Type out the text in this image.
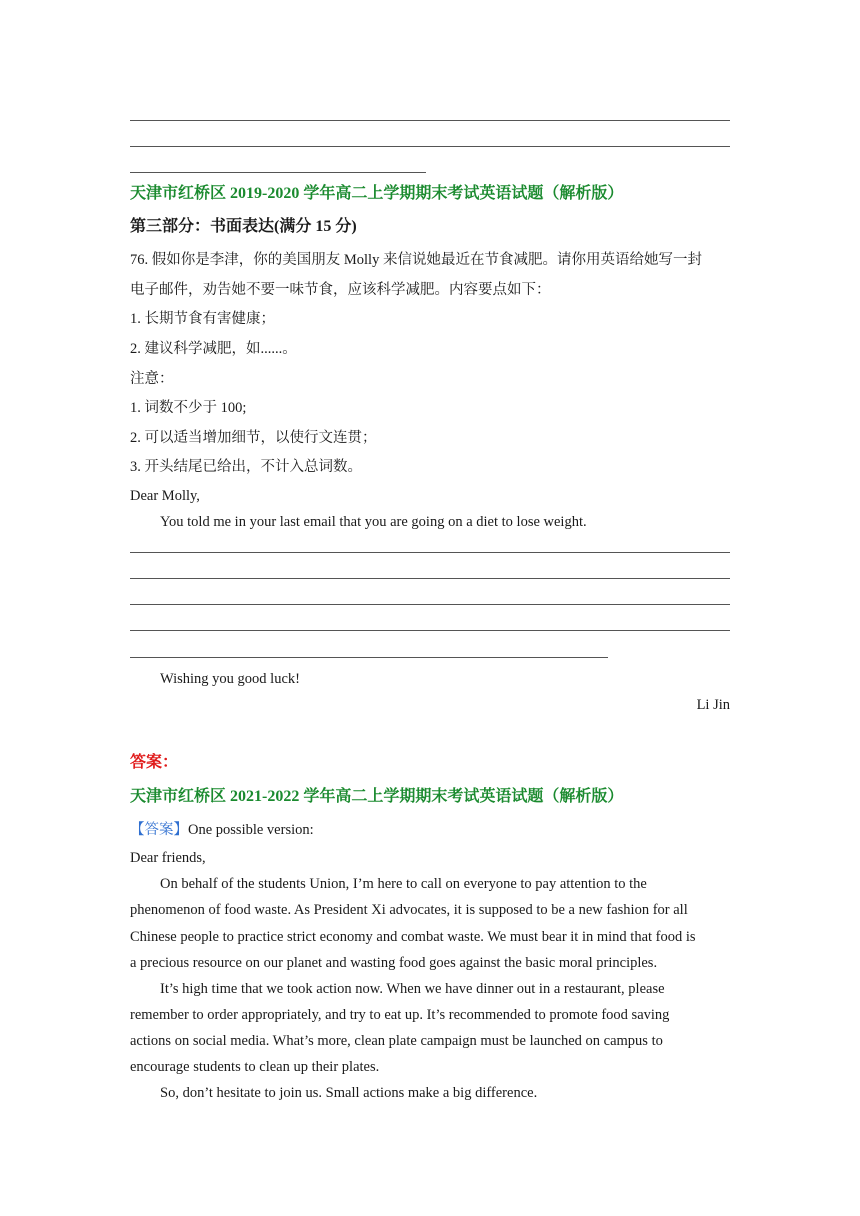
天津市红桥区 2019-2020 学年高二上学期期末考试英语试题（解析版）
第三部分：书面表达(满分 15 分)
76. 假如你是李津，你的美国朋友 Molly 来信说她最近在节食减肥。请你用英语给她写一封
电子邮件，劝告她不要一味节食，应该科学减肥。内容要点如下：
1. 长期节食有害健康；
2. 建议科学减肥，如......。
注意：
1. 词数不少于 100;
2. 可以适当增加细节，以使行文连贯；
3. 开头结尾已给出，不计入总词数。
Dear Molly,
You told me in your last email that you are going on a diet to lose weight.
Wishing you good luck!
Li Jin
答案：
天津市红桥区 2021-2022 学年高二上学期期末考试英语试题（解析版）
【答案】One possible version:
Dear friends,
On behalf of the students Union, I’m here to call on everyone to pay attention to the
phenomenon of food waste. As President Xi advocates, it is supposed to be a new fashion for all
Chinese people to practice strict economy and combat waste. We must bear it in mind that food is
a precious resource on our planet and wasting food goes against the basic moral principles.
It’s high time that we took action now. When we have dinner out in a restaurant, please
remember to order appropriately, and try to eat up. It’s recommended to promote food saving
actions on social media. What’s more, clean plate campaign must be launched on campus to
encourage students to clean up their plates.
So, don’t hesitate to join us. Small actions make a big difference.
